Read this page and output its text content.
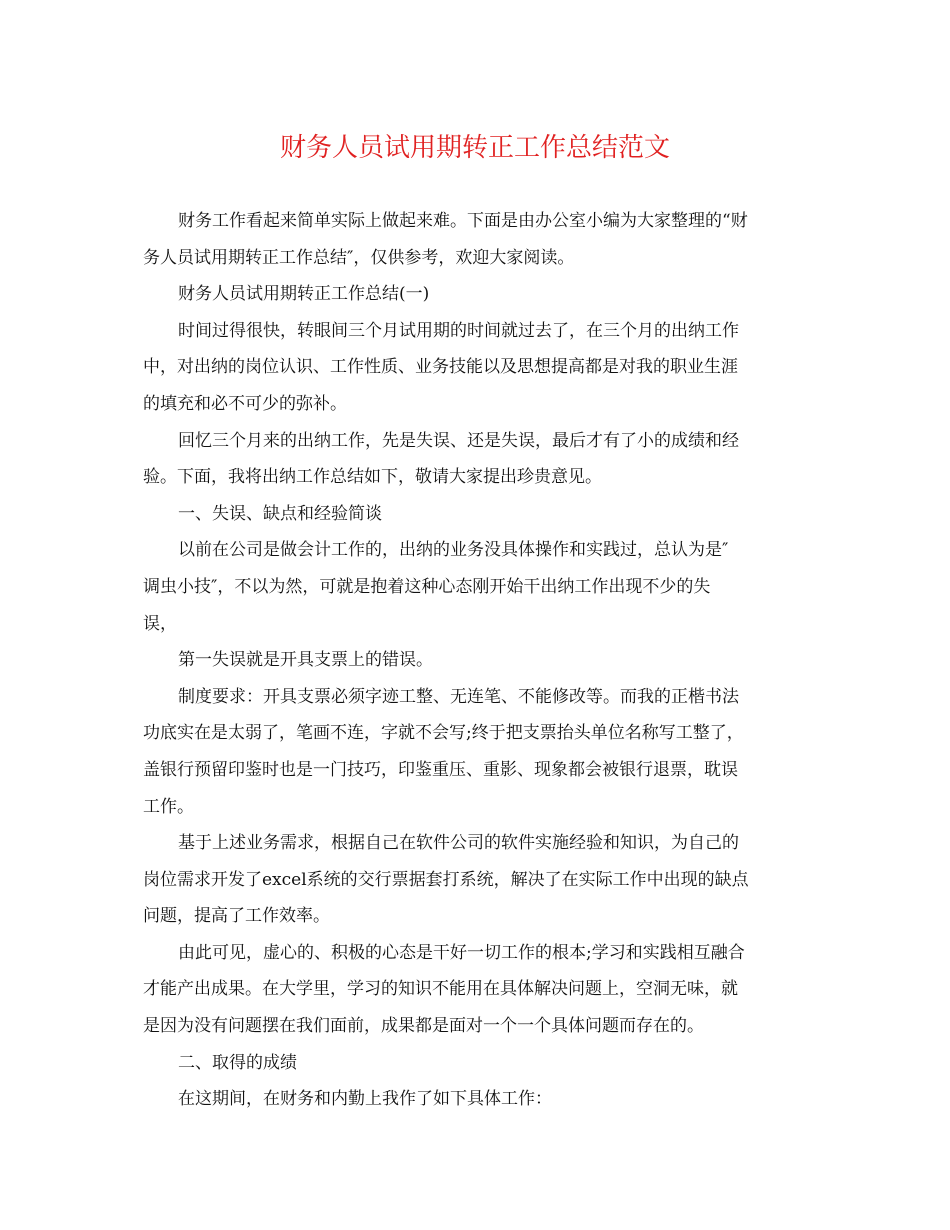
财务人员试用期转正工作总结范文
财务工作看起来简单实际上做起来难。下面是由办公室小编为大家整理的“财
务人员试用期转正工作总结″，仅供参考，欢迎大家阅读。
财务人员试用期转正工作总结(一)
时间过得很快，转眼间三个月试用期的时间就过去了，在三个月的出纳工作
中，对出纳的岗位认识、工作性质、业务技能以及思想提高都是对我的职业生涯
的填充和必不可少的弥补。
回忆三个月来的出纳工作，先是失误、还是失误，最后才有了小的成绩和经
验。下面，我将出纳工作总结如下，敬请大家提出珍贵意见。
一、失误、缺点和经验简谈
以前在公司是做会计工作的，出纳的业务没具体操作和实践过，总认为是″
调虫小技″，不以为然，可就是抱着这种心态刚开始干出纳工作出现不少的失
误，
第一失误就是开具支票上的错误。
制度要求：开具支票必须字迹工整、无连笔、不能修改等。而我的正楷书法
功底实在是太弱了，笔画不连，字就不会写;终于把支票抬头单位名称写工整了，
盖银行预留印鉴时也是一门技巧，印鉴重压、重影、现象都会被银行退票，耽误
工作。
基于上述业务需求，根据自己在软件公司的软件实施经验和知识，为自己的
岗位需求开发了excel系统的交行票据套打系统，解决了在实际工作中出现的缺点
问题，提高了工作效率。
由此可见，虚心的、积极的心态是干好一切工作的根本;学习和实践相互融合
才能产出成果。在大学里，学习的知识不能用在具体解决问题上，空洞无味，就
是因为没有问题摆在我们面前，成果都是面对一个一个具体问题而存在的。
二、取得的成绩
在这期间，在财务和内勤上我作了如下具体工作：
